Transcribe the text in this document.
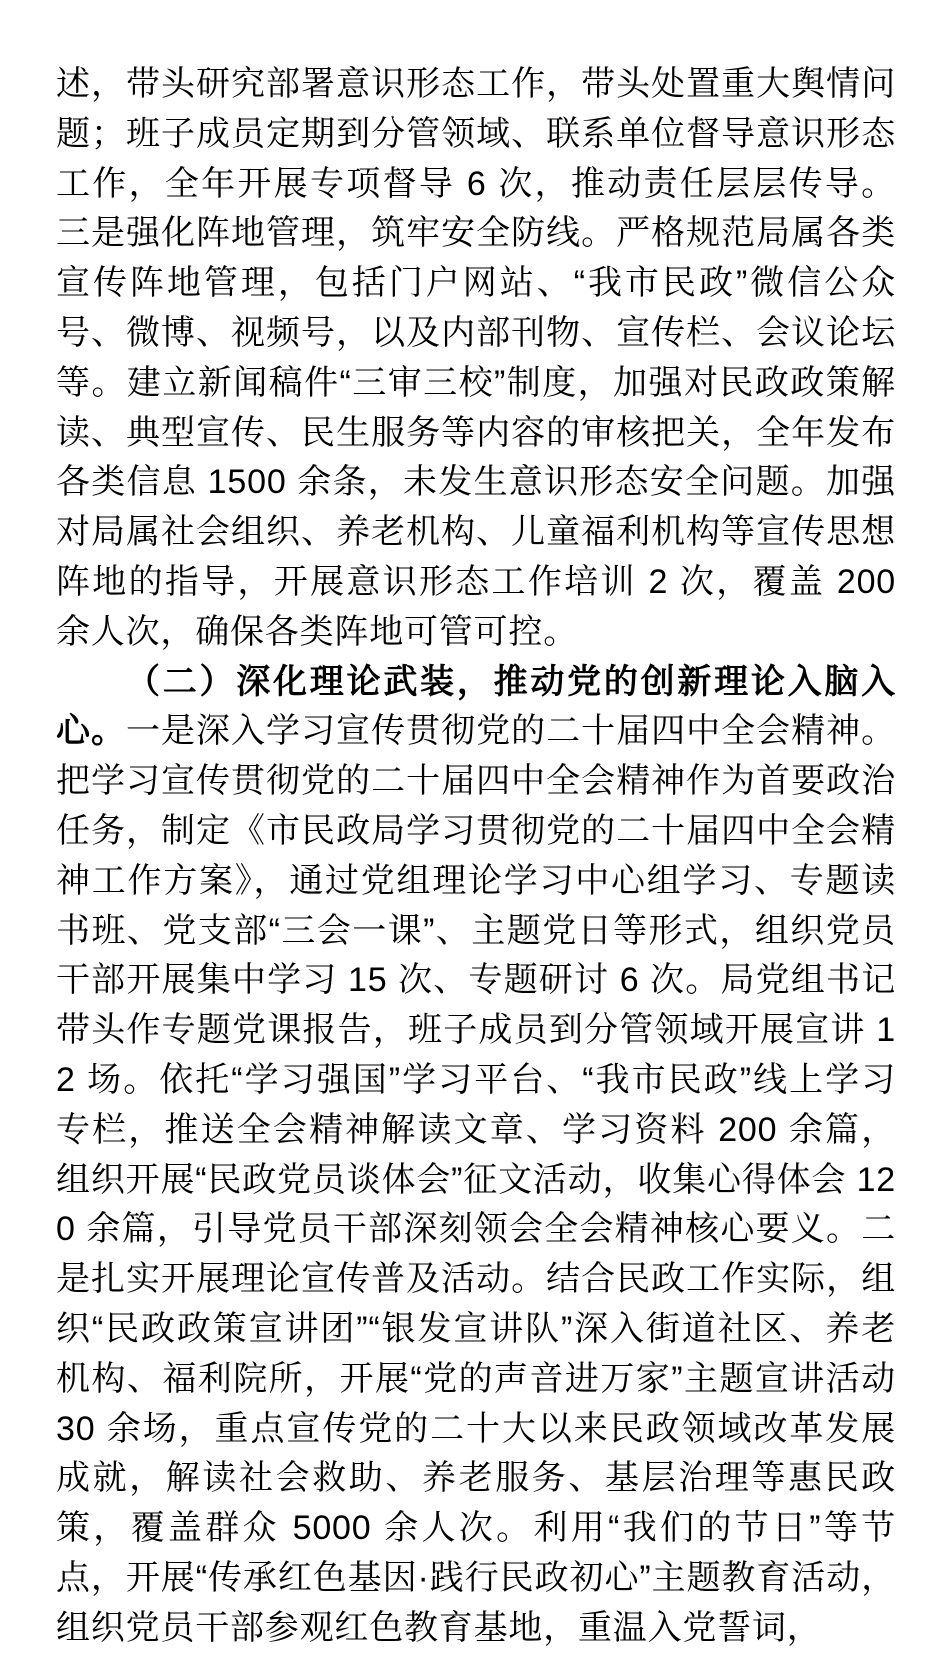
述，带头研究部署意识形态工作，带头处置重大舆情问题；班子成员定期到分管领域、联系单位督导意识形态工作，全年开展专项督导 6 次，推动责任层层传导。三是强化阵地管理，筑牢安全防线。严格规范局属各类宣传阵地管理，包括门户网站、“我市民政”微信公众号、微博、视频号，以及内部刊物、宣传栏、会议论坛等。建立新闻稿件“三审三校”制度，加强对民政政策解读、典型宣传、民生服务等内容的审核把关，全年发布各类信息 1500 余条，未发生意识形态安全问题。加强对局属社会组织、养老机构、儿童福利机构等宣传思想阵地的指导，开展意识形态工作培训 2 次，覆盖 200 余人次，确保各类阵地可管可控。

（二）深化理论武装，推动党的创新理论入脑入心。一是深入学习宣传贯彻党的二十届四中全会精神。把学习宣传贯彻党的二十届四中全会精神作为首要政治任务，制定《市民政局学习贯彻党的二十届四中全会精神工作方案》，通过党组理论学习中心组学习、专题读书班、党支部“三会一课”、主题党日等形式，组织党员干部开展集中学习 15 次、专题研讨 6 次。局党组书记带头作专题党课报告，班子成员到分管领域开展宣讲 12 场。依托“学习强国”学习平台、“我市民政”线上学习专栏，推送全会精神解读文章、学习资料 200 余篇，组织开展“民政党员谈体会”征文活动，收集心得体会 120 余篇，引导党员干部深刻领会全会精神核心要义。二是扎实开展理论宣传普及活动。结合民政工作实际，组织“民政政策宣讲团”“银发宣讲队”深入街道社区、养老机构、福利院所，开展“党的声音进万家”主题宣讲活动 30 余场，重点宣传党的二十大以来民政领域改革发展成就，解读社会救助、养老服务、基层治理等惠民政策，覆盖群众 5000 余人次。利用“我们的节日”等节点，开展“传承红色基因·践行民政初心”主题教育活动，组织党员干部参观红色教育基地，重温入党誓词，
